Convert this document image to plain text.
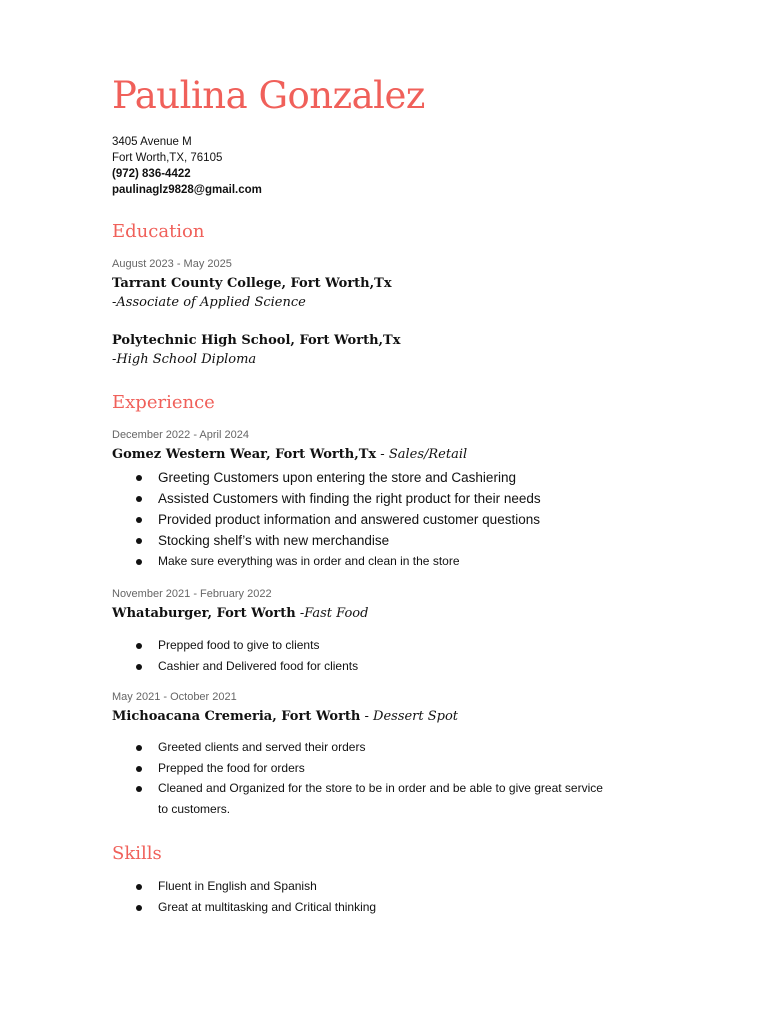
Paulina Gonzalez
3405 Avenue M
Fort Worth,TX, 76105
(972) 836-4422
paulinaglz9828@gmail.com
Education
August 2023 - May 2025
Tarrant County College, Fort Worth,Tx
-Associate of Applied Science
Polytechnic High School, Fort Worth,Tx
-High School Diploma
Experience
December 2022 - April 2024
Gomez Western Wear, Fort Worth,Tx - Sales/Retail
Greeting Customers upon entering the store and Cashiering
Assisted Customers with finding the right product for their needs
Provided product information and answered customer questions
Stocking shelf’s with new merchandise
Make sure everything was in order and clean in the store
November 2021 - February 2022
Whataburger, Fort Worth -Fast Food
Prepped food to give to clients
Cashier and Delivered food for clients
May 2021 - October 2021
Michoacana Cremeria, Fort Worth - Dessert Spot
Greeted clients and served their orders
Prepped the food for orders
Cleaned and Organized for the store to be in order and be able to give great service to customers.
Skills
Fluent in English and Spanish
Great at multitasking and Critical thinking
